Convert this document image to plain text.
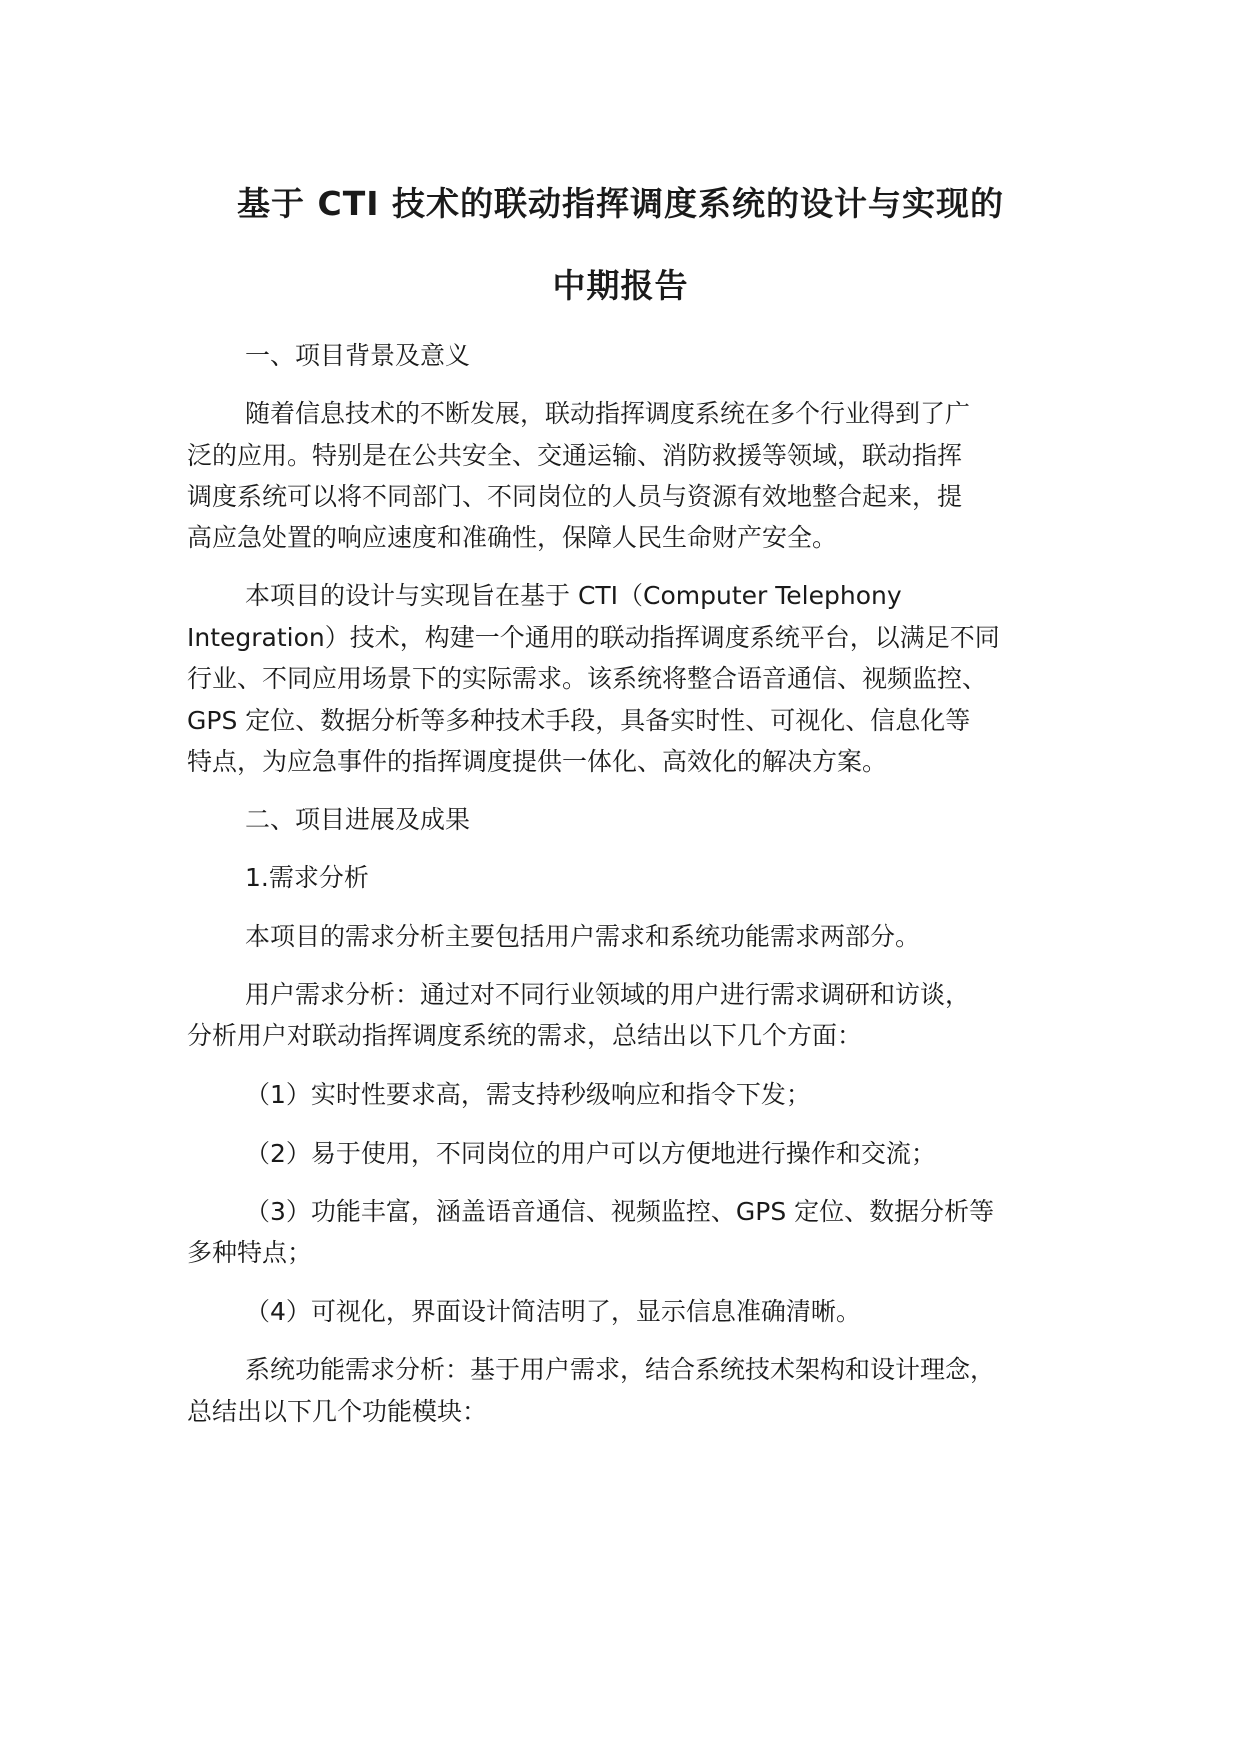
基于 CTI 技术的联动指挥调度系统的设计与实现的
中期报告
一、项目背景及意义
随着信息技术的不断发展，联动指挥调度系统在多个行业得到了广
泛的应用。特别是在公共安全、交通运输、消防救援等领域，联动指挥
调度系统可以将不同部门、不同岗位的人员与资源有效地整合起来，提
高应急处置的响应速度和准确性，保障人民生命财产安全。
本项目的设计与实现旨在基于 CTI（Computer Telephony
Integration）技术，构建一个通用的联动指挥调度系统平台，以满足不同
行业、不同应用场景下的实际需求。该系统将整合语音通信、视频监控、
GPS 定位、数据分析等多种技术手段，具备实时性、可视化、信息化等
特点，为应急事件的指挥调度提供一体化、高效化的解决方案。
二、项目进展及成果
1.需求分析
本项目的需求分析主要包括用户需求和系统功能需求两部分。
用户需求分析：通过对不同行业领域的用户进行需求调研和访谈，
分析用户对联动指挥调度系统的需求，总结出以下几个方面：
（1）实时性要求高，需支持秒级响应和指令下发；
（2）易于使用，不同岗位的用户可以方便地进行操作和交流；
（3）功能丰富，涵盖语音通信、视频监控、GPS 定位、数据分析等
多种特点；
（4）可视化，界面设计简洁明了，显示信息准确清晰。
系统功能需求分析：基于用户需求，结合系统技术架构和设计理念，
总结出以下几个功能模块：
